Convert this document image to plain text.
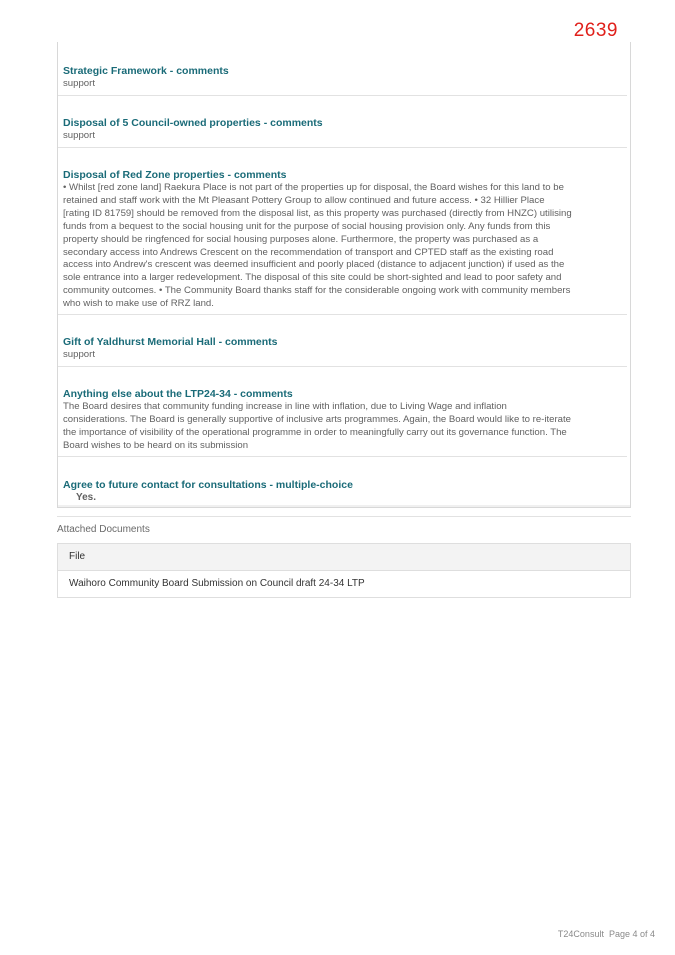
2639
Strategic Framework - comments
support
Disposal of 5 Council-owned properties - comments
support
Disposal of Red Zone properties - comments
• Whilst [red zone land] Raekura Place is not part of the properties up for disposal, the Board wishes for this land to be retained and staff work with the Mt Pleasant Pottery Group to allow continued and future access. • 32 Hillier Place [rating ID 81759] should be removed from the disposal list, as this property was purchased (directly from HNZC) utilising funds from a bequest to the social housing unit for the purpose of social housing provision only. Any funds from this property should be ringfenced for social housing purposes alone. Furthermore, the property was purchased as a secondary access into Andrews Crescent on the recommendation of transport and CPTED staff as the existing road access into Andrew's crescent was deemed insufficient and poorly placed (distance to adjacent junction) if used as the sole entrance into a larger redevelopment. The disposal of this site could be short-sighted and lead to poor safety and community outcomes. • The Community Board thanks staff for the considerable ongoing work with community members who wish to make use of RRZ land.
Gift of Yaldhurst Memorial Hall - comments
support
Anything else about the LTP24-34 - comments
The Board desires that community funding increase in line with inflation, due to Living Wage and inflation considerations. The Board is generally supportive of inclusive arts programmes. Again, the Board would like to re-iterate the importance of visibility of the operational programme in order to meaningfully carry out its governance function. The Board wishes to be heard on its submission
Agree to future contact for consultations - multiple-choice
Yes.
Attached Documents
File
Waihoro Community Board Submission on Council draft 24-34 LTP
T24Consult Page 4 of 4
